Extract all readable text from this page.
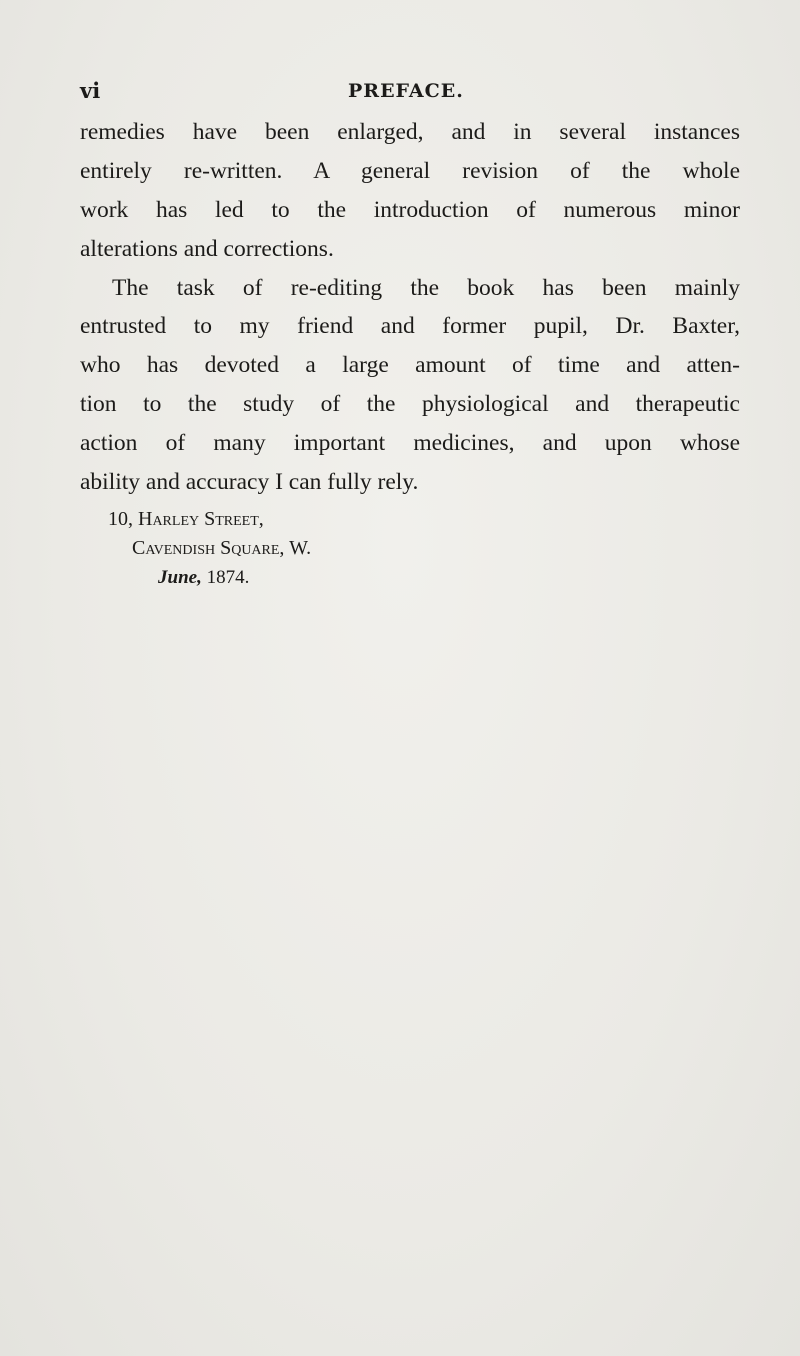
vi	PREFACE.
remedies have been enlarged, and in several instances
entirely re-written. A general revision of the whole
work has led to the introduction of numerous minor
alterations and corrections.
The task of re-editing the book has been mainly
entrusted to my friend and former pupil, Dr. Baxter,
who has devoted a large amount of time and atten-
tion to the study of the physiological and therapeutic
action of many important medicines, and upon whose
ability and accuracy I can fully rely.
10, Harley Street,
Cavendish Square, W.
June, 1874.
